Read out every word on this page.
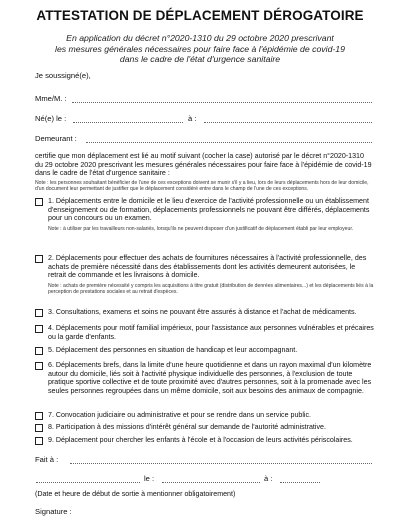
ATTESTATION DE DÉPLACEMENT DÉROGATOIRE
En application du décret n°2020-1310 du 29 octobre 2020 prescrivant
les mesures générales nécessaires pour faire face à l'épidémie de covid-19
dans le cadre de l'état d'urgence sanitaire
Je soussigné(e),
Mme/M. :
Né(e) le :	à :
Demeurant :
certifie que mon déplacement est lié au motif suivant (cocher la case) autorisé par le décret n°2020-1310 du 29 octobre 2020 prescrivant les mesures générales nécessaires pour faire face à l'épidémie de covid-19 dans le cadre de l'état d'urgence sanitaire :
Note : les personnes souhaitant bénéficier de l'une de ces exceptions doivent se munir s'il y a lieu, lors de leurs déplacements hors de leur domicile, d'un document leur permettant de justifier que le déplacement considéré entre dans le champ de l'une de ces exceptions.
1. Déplacements entre le domicile et le lieu d'exercice de l'activité professionnelle ou un établissement d'enseignement ou de formation, déplacements professionnels ne pouvant être différés, déplacements pour un concours ou un examen.
Note : à utiliser par les travailleurs non-salariés, lorsqu'ils ne peuvent disposer d'un justificatif de déplacement établi par leur employeur.
2. Déplacements pour effectuer des achats de fournitures nécessaires à l'activité professionnelle, des achats de première nécessité dans des établissements dont les activités demeurent autorisées, le retrait de commande et les livraisons à domicile.
Note : achats de première nécessité y compris les acquisitions à titre gratuit (distribution de denrées alimentaires...) et les déplacements liés à la perception de prestations sociales et au retrait d'espèces.
3. Consultations, examens et soins ne pouvant être assurés à distance et l'achat de médicaments.
4. Déplacements pour motif familial impérieux, pour l'assistance aux personnes vulnérables et précaires ou la garde d'enfants.
5. Déplacement des personnes en situation de handicap et leur accompagnant.
6. Déplacements brefs, dans la limite d'une heure quotidienne et dans un rayon maximal d'un kilomètre autour du domicile, liés soit à l'activité physique individuelle des personnes, à l'exclusion de toute pratique sportive collective et de toute proximité avec d'autres personnes, soit à la promenade avec les seules personnes regroupées dans un même domicile, soit aux besoins des animaux de compagnie.
7. Convocation judiciaire ou administrative et pour se rendre dans un service public.
8. Participation à des missions d'intérêt général sur demande de l'autorité administrative.
9. Déplacement pour chercher les enfants à l'école et à l'occasion de leurs activités périscolaires.
Fait à :
le :	à :
(Date et heure de début de sortie à mentionner obligatoirement)
Signature :
